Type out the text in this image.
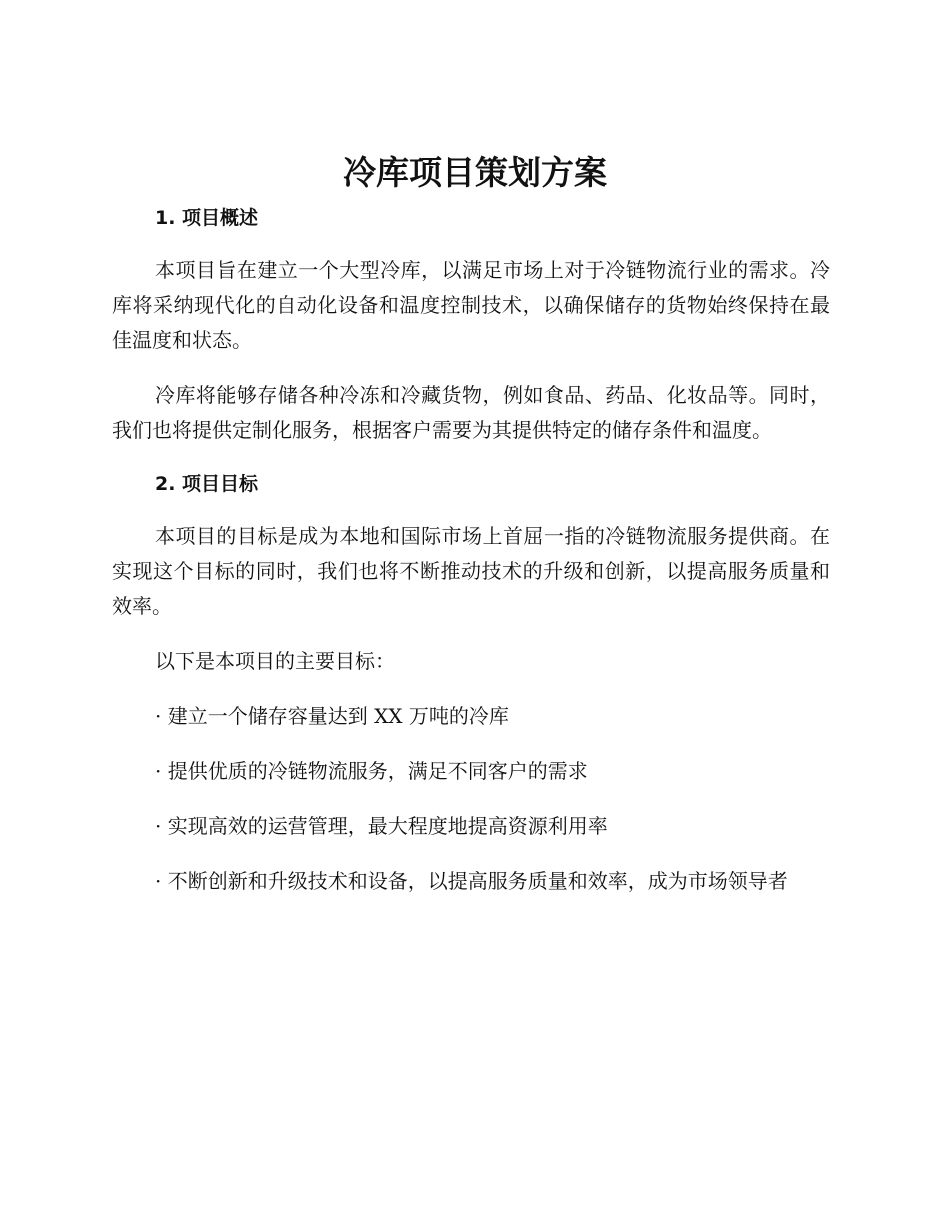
冷库项目策划方案
1. 项目概述

本项目旨在建立一个大型冷库，以满足市场上对于冷链物流行业的需求。冷库将采纳现代化的自动化设备和温度控制技术，以确保储存的货物始终保持在最佳温度和状态。

冷库将能够存储各种冷冻和冷藏货物，例如食品、药品、化妆品等。同时，我们也将提供定制化服务，根据客户需要为其提供特定的储存条件和温度。

2. 项目目标

本项目的目标是成为本地和国际市场上首屈一指的冷链物流服务提供商。在实现这个目标的同时，我们也将不断推动技术的升级和创新，以提高服务质量和效率。

以下是本项目的主要目标：

· 建立一个储存容量达到 XX 万吨的冷库

· 提供优质的冷链物流服务，满足不同客户的需求

· 实现高效的运营管理，最大程度地提高资源利用率

· 不断创新和升级技术和设备，以提高服务质量和效率，成为市场领导者
